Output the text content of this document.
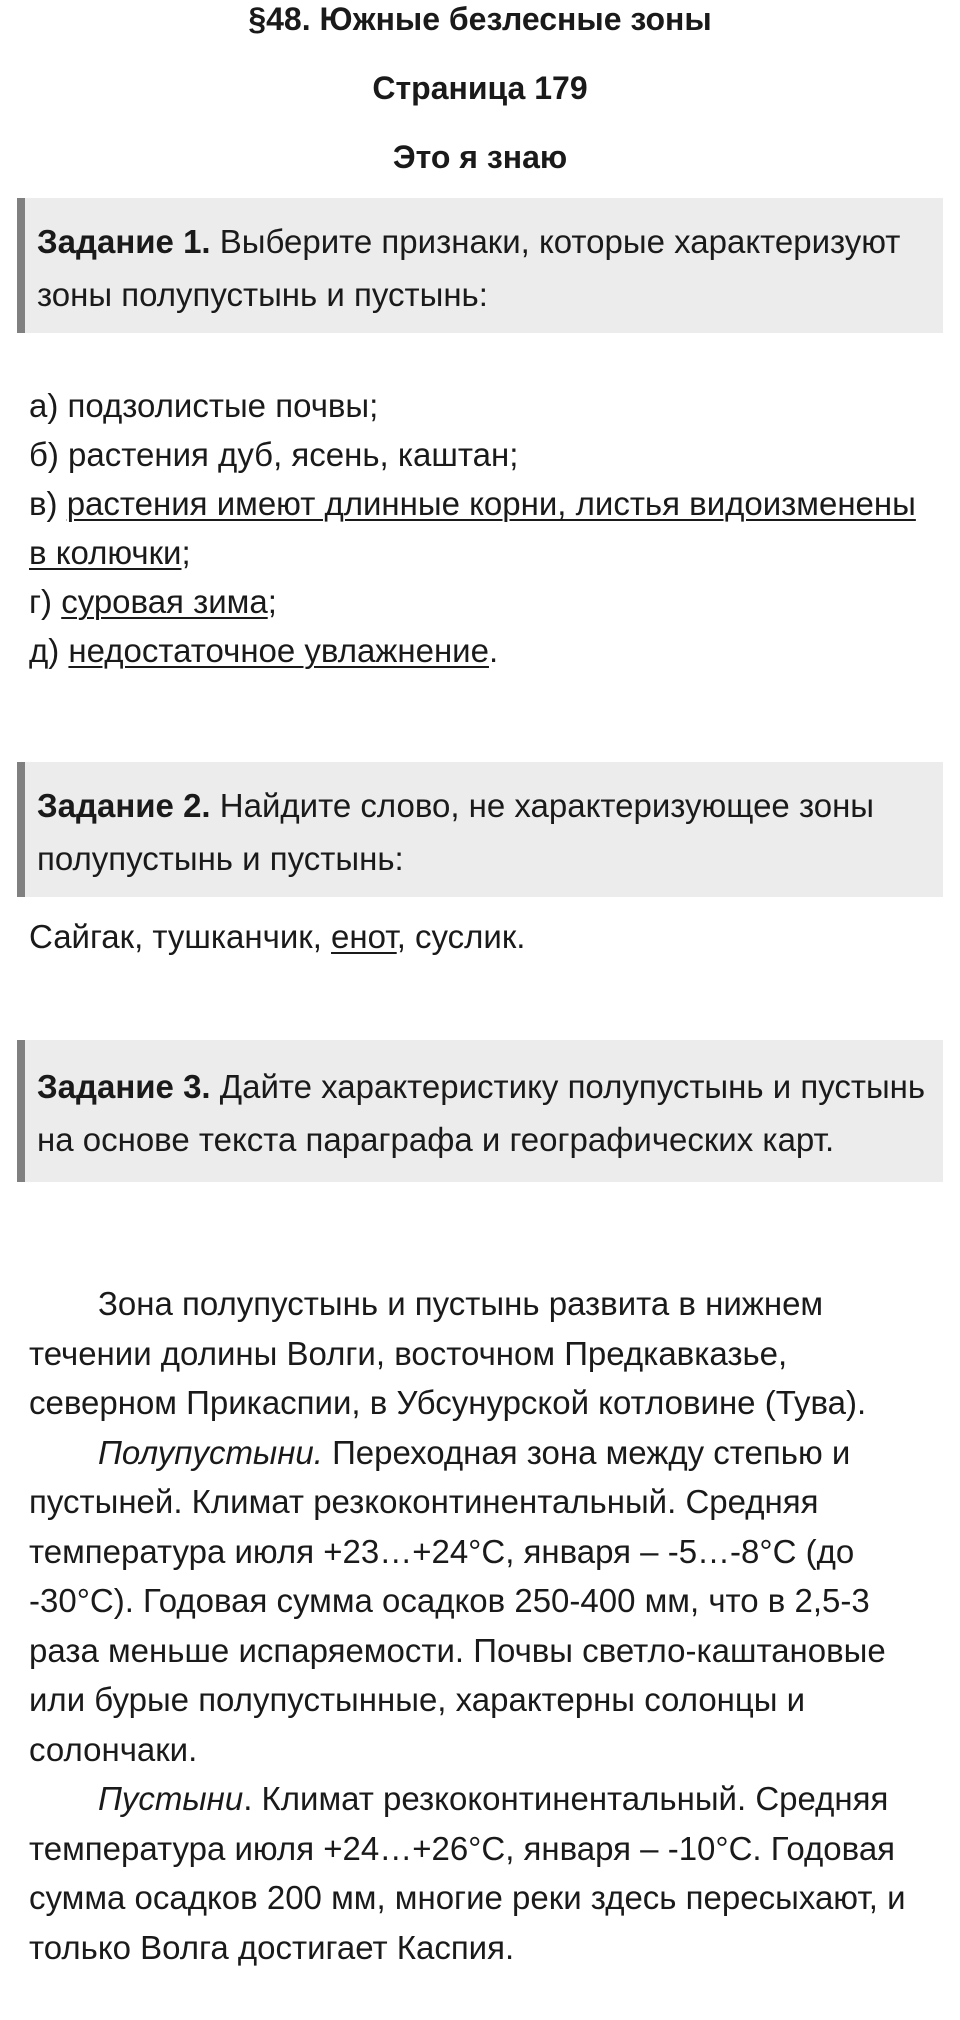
§48. Южные безлесные зоны

Страница 179

Это я знаю

Задание 1. Выберите признаки, которые характеризуют зоны полупустынь и пустынь:

а) подзолистые почвы;

б) растения дуб, ясень, каштан;

в) растения имеют длинные корни, листья видоизменены в колючки;

г) суровая зима;

д) недостаточное увлажнение.

Задание 2. Найдите слово, не характеризующее зоны полупустынь и пустынь:

Сайгак, тушканчик, енот, суслик.

Задание 3. Дайте характеристику полупустынь и пустынь на основе текста параграфа и географических карт.

Зона полупустынь и пустынь развита в нижнем течении долины Волги, восточном Предкавказье, северном Прикаспии, в Убсунурской котловине (Тува).

Полупустыни. Переходная зона между степью и пустыней. Климат резкоконтинентальный. Средняя температура июля +23…+24°С, января – -5…-8°С (до -30°С). Годовая сумма осадков 250-400 мм, что в 2,5-3 раза меньше испаряемости. Почвы светло-каштановые или бурые полупустынные, характерны солонцы и солончаки.

Пустыни. Климат резкоконтинентальный. Средняя температура июля +24…+26°С, января – -10°С. Годовая сумма осадков 200 мм, многие реки здесь пересыхают, и только Волга достигает Каспия.
